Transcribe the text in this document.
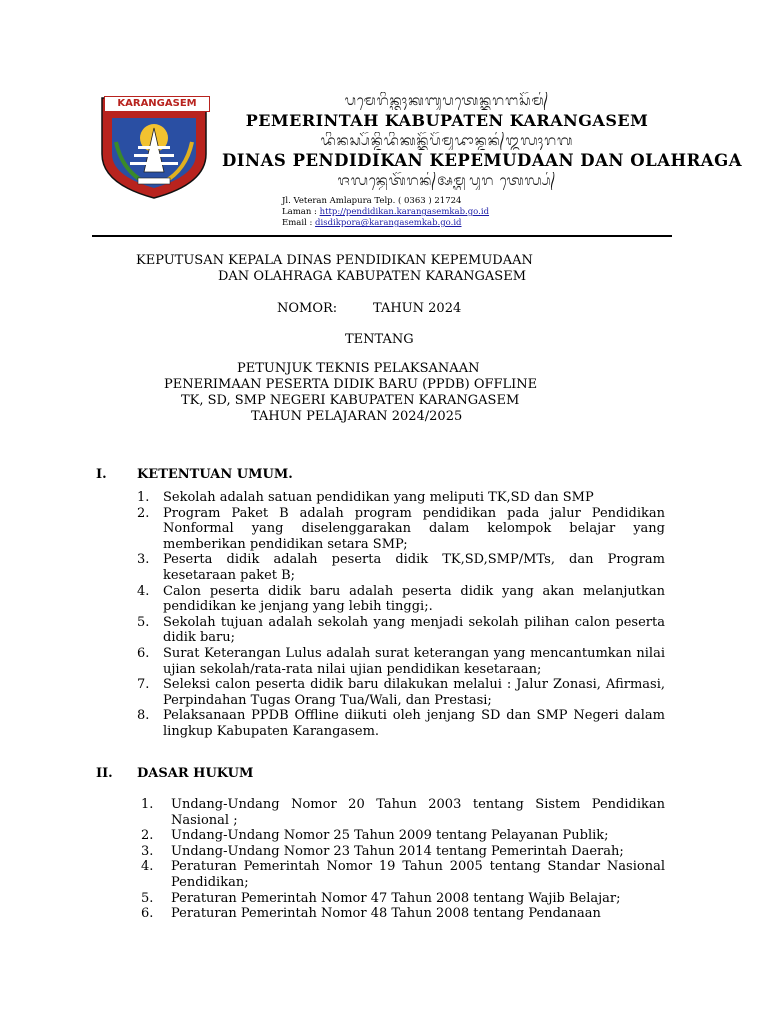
KARANGASEM	ᬧᬫᬾᬭᬶᬦ᭄ᬢᬄᬓᬩᬸᬧᬢᬾᬦ᭄ᬓᬭᬗᬲᭂᬫ᭄
PEMERINTAH KABUPATEN KARANGASEM
ᬤᬶᬦᬲ᭄ᬧᭂᬦ᭄ᬤᬶᬤᬶᬓᬦ᭄ᬓᭂᬧᭂᬫᬸᬤᬵᬦ᭄ᬤᬦ᭄ᬑᬮᬄᬭᬕ
DINAS PENDIDIKAN KEPEMUDAAN DAN OLAHRAGA
ᬚᬮᬦ᭄ᬯᬾᬢᭂᬭᬦ᭄ᬅᬫ᭄ᬮᬧᬸᬭ ᬢᬾᬮ᭄ᬧ᭄
Jl. Veteran Amlapura Telp. ( 0363 ) 21724
Laman : http://pendidikan.karangasemkab.go.id
Email : disdikpora@karangasemkab.go.id
KEPUTUSAN KEPALA DINAS PENDIDIKAN KEPEMUDAAN
DAN OLAHRAGA KABUPATEN KARANGASEM
NOMOR:	TAHUN 2024
TENTANG
PETUNJUK TEKNIS PELAKSANAAN
PENERIMAAN PESERTA DIDIK BARU (PPDB) OFFLINE
TK, SD, SMP NEGERI KABUPATEN KARANGASEM
TAHUN PELAJARAN 2024/2025
I. KETENTUAN UMUM.
1. Sekolah adalah satuan pendidikan yang meliputi TK,SD dan SMP
2. Program Paket B adalah program pendidikan pada jalur Pendidikan Nonformal yang diselenggarakan dalam kelompok belajar yang memberikan pendidikan setara SMP;
3. Peserta didik adalah peserta didik TK,SD,SMP/MTs, dan Program kesetaraan paket B;
4. Calon peserta didik baru adalah peserta didik yang akan melanjutkan pendidikan ke jenjang yang lebih tinggi;.
5. Sekolah tujuan adalah sekolah yang menjadi sekolah pilihan calon peserta didik baru;
6. Surat Keterangan Lulus adalah surat keterangan yang mencantumkan nilai ujian sekolah/rata-rata nilai ujian pendidikan kesetaraan;
7. Seleksi calon peserta didik baru dilakukan melalui : Jalur Zonasi, Afirmasi, Perpindahan Tugas Orang Tua/Wali, dan Prestasi;
8. Pelaksanaan PPDB Offline diikuti oleh jenjang SD dan SMP Negeri dalam lingkup Kabupaten Karangasem.
II. DASAR HUKUM
1. Undang-Undang Nomor 20 Tahun 2003 tentang Sistem Pendidikan Nasional ;
2. Undang-Undang Nomor 25 Tahun 2009 tentang Pelayanan Publik;
3. Undang-Undang Nomor 23 Tahun 2014 tentang Pemerintah Daerah;
4. Peraturan Pemerintah Nomor 19 Tahun 2005 tentang Standar Nasional Pendidikan;
5. Peraturan Pemerintah Nomor 47 Tahun 2008 tentang Wajib Belajar;
6. Peraturan Pemerintah Nomor 48 Tahun 2008 tentang Pendanaan
